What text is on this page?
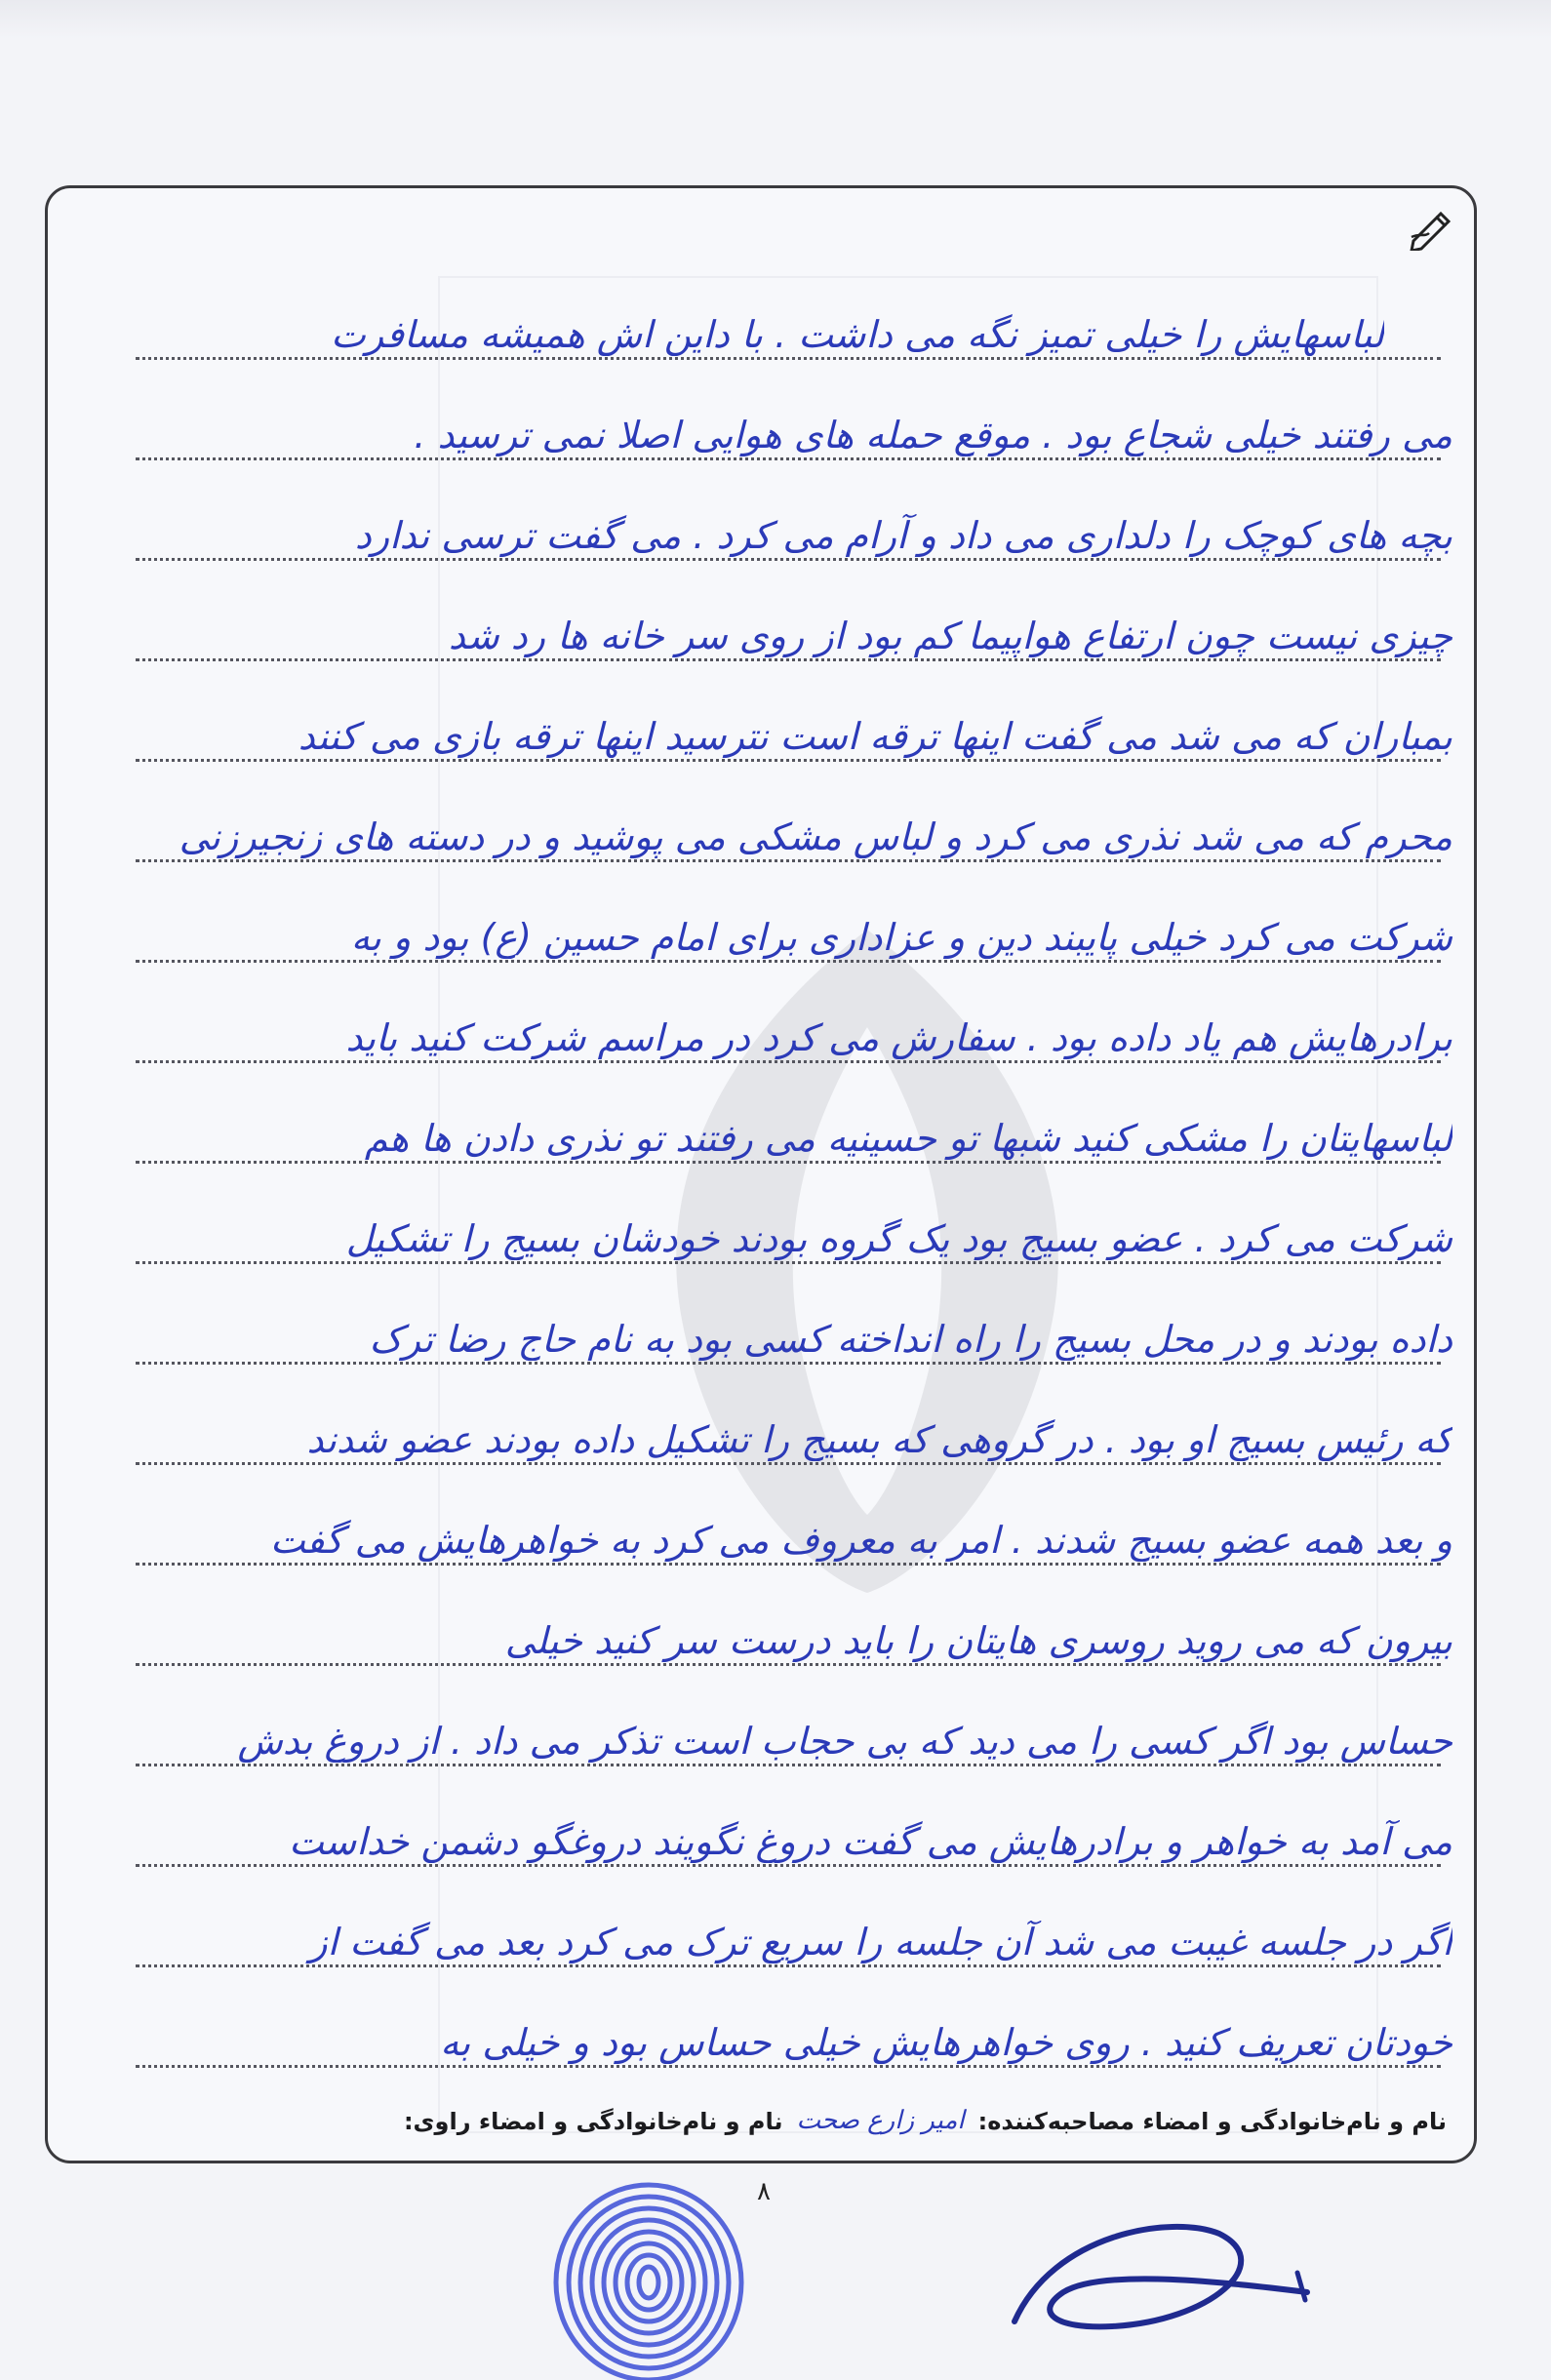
لباسهایش را خیلی تمیز نگه می داشت . با داین اش همیشه مسافرت
می رفتند خیلی شجاع بود . موقع حمله های هوایی اصلا نمی ترسید .
بچه های کوچک را دلداری می داد و آرام می کرد . می گفت ترسی ندارد
چیزی نیست چون ارتفاع هواپیما کم بود از روی سر خانه ها رد شد
بمباران که می شد می گفت اینها ترقه است نترسید اینها ترقه بازی می کنند
محرم که می شد نذری می کرد و لباس مشکی می پوشید و در دسته های زنجیرزنی
شرکت می کرد خیلی پایبند دین و عزاداری برای امام حسین (ع) بود و به
برادرهایش هم یاد داده بود . سفارش می کرد در مراسم شرکت کنید باید
لباسهایتان را مشکی کنید شبها تو حسینیه می رفتند تو نذری دادن ها هم
شرکت می کرد . عضو بسیج بود یک گروه بودند خودشان بسیج را تشکیل
داده بودند و در محل بسیج را راه انداخته کسی بود به نام حاج رضا ترک
که رئیس بسیج او بود . در گروهی که بسیج را تشکیل داده بودند عضو شدند
و بعد همه عضو بسیج شدند . امر به معروف می کرد به خواهرهایش می گفت
بیرون که می روید روسری هایتان را باید درست سر کنید خیلی
حساس بود اگر کسی را می دید که بی حجاب است تذکر می داد . از دروغ بدش
می آمد به خواهر و برادرهایش می گفت دروغ نگویند دروغگو دشمن خداست
اگر در جلسه غیبت می شد آن جلسه را سریع ترک می کرد بعد می گفت از
خودتان تعریف کنید . روی خواهرهایش خیلی حساس بود و خیلی به
نام و نام‌خانوادگی و امضاء مصاحبه‌کننده:
امیر زارع صحت
نام و نام‌خانوادگی و امضاء راوی:
۸
